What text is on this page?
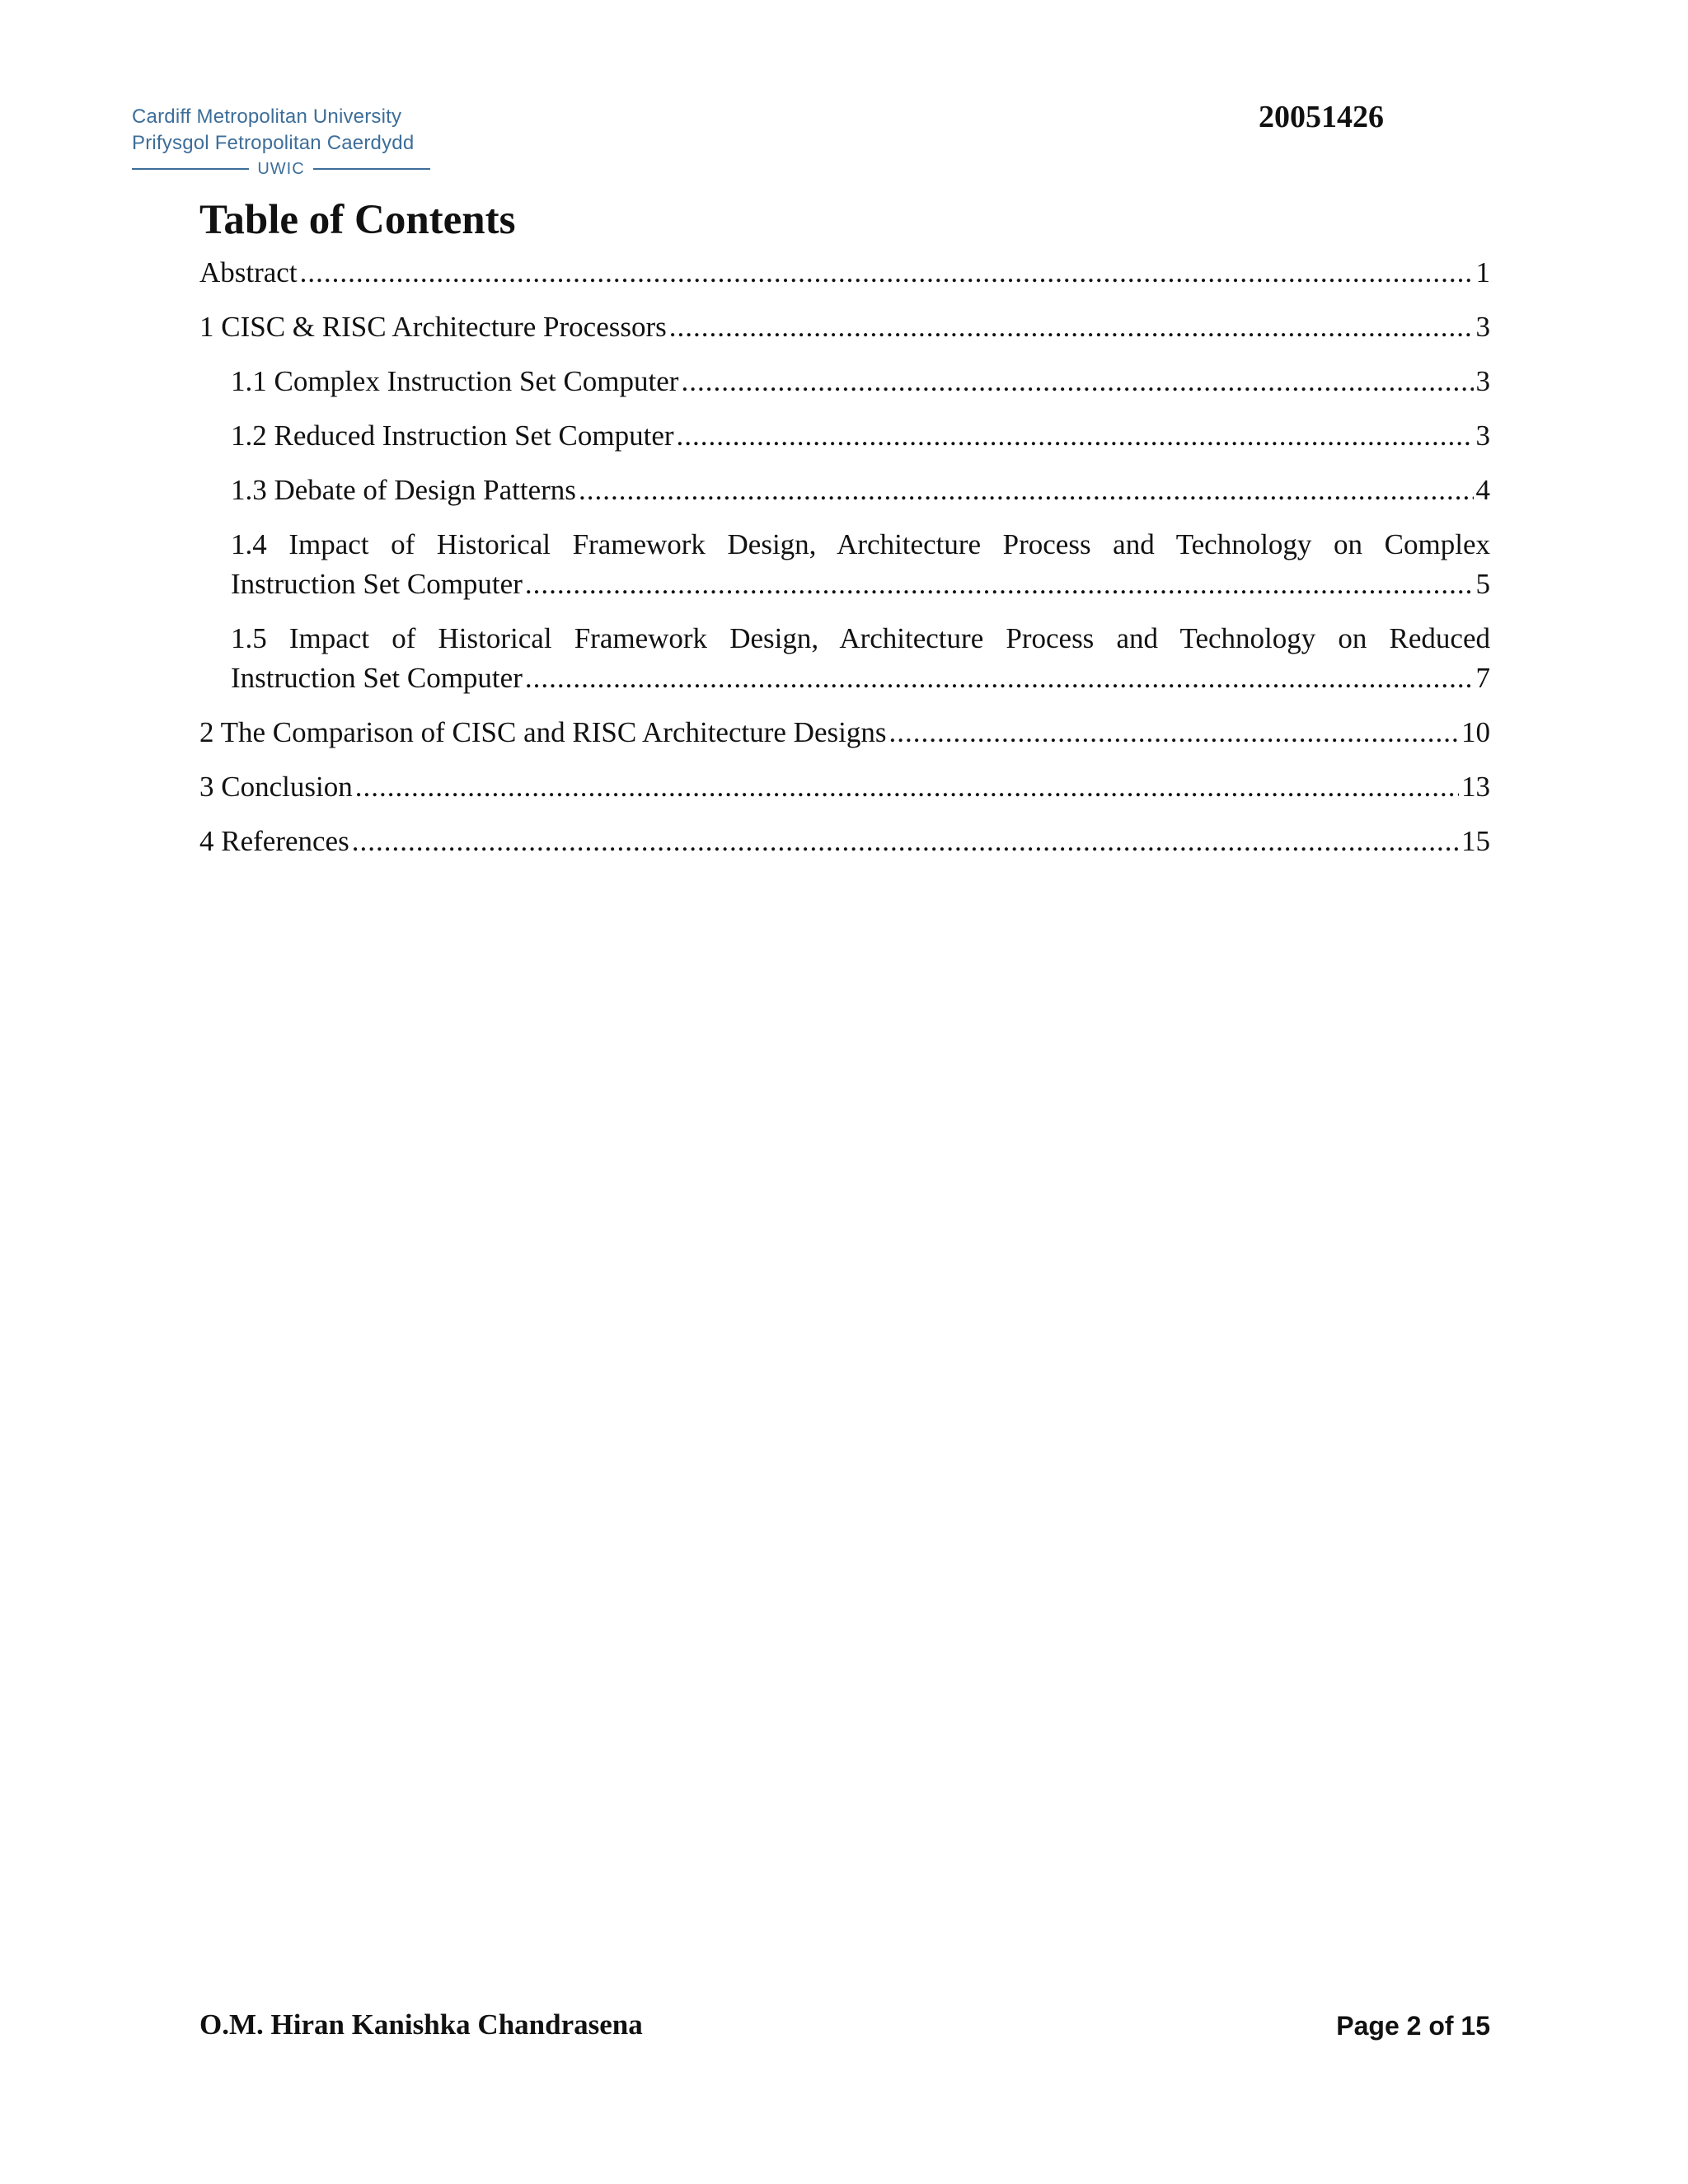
Cardiff Metropolitan University
Prifysgol Fetropolitan Caerdydd
UWIC
20051426
Table of Contents
Abstract .....	1
1 CISC & RISC Architecture Processors .....	3
1.1 Complex Instruction Set Computer .....	3
1.2 Reduced Instruction Set Computer .....	3
1.3 Debate of Design Patterns .....	4
1.4 Impact of Historical Framework Design, Architecture Process and Technology on Complex
Instruction Set Computer .....	5
1.5 Impact of Historical Framework Design, Architecture Process and Technology on Reduced
Instruction Set Computer .....	7
2 The Comparison of CISC and RISC Architecture Designs .....	10
3 Conclusion .....	13
4 References .....	15
O.M. Hiran Kanishka Chandrasena	Page 2 of 15
